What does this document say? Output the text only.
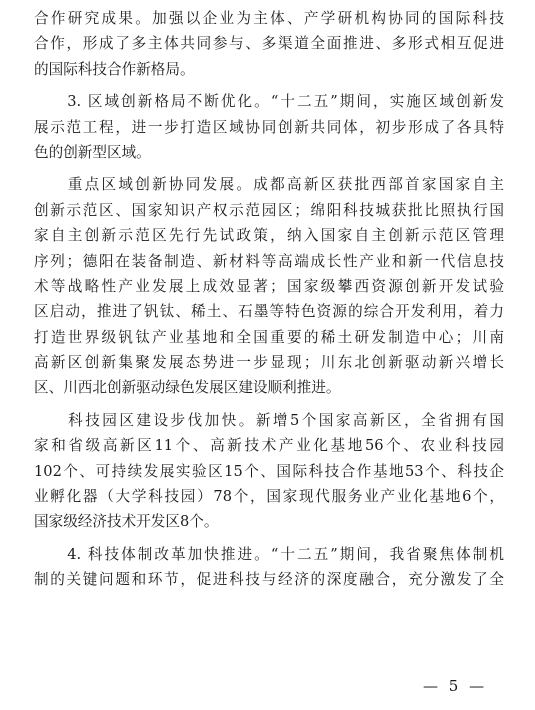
合作研究成果。加强以企业为主体、产学研机构协同的国际科技
合作，形成了多主体共同参与、多渠道全面推进、多形式相互促进
的国际科技合作新格局。
　　3. 区域创新格局不断优化。“十二五”期间，实施区域创新发
展示范工程，进一步打造区域协同创新共同体，初步形成了各具特
色的创新型区域。
　　重点区域创新协同发展。成都高新区获批西部首家国家自主
创新示范区、国家知识产权示范园区；绵阳科技城获批比照执行国
家自主创新示范区先行先试政策，纳入国家自主创新示范区管理
序列；德阳在装备制造、新材料等高端成长性产业和新一代信息技
术等战略性产业发展上成效显著；国家级攀西资源创新开发试验
区启动，推进了钒钛、稀土、石墨等特色资源的综合开发利用，着力
打造世界级钒钛产业基地和全国重要的稀土研发制造中心；川南
高新区创新集聚发展态势进一步显现；川东北创新驱动新兴增长
区、川西北创新驱动绿色发展区建设顺利推进。
　　科技园区建设步伐加快。新增5个国家高新区，全省拥有国
家和省级高新区11个、高新技术产业化基地56个、农业科技园
102个、可持续发展实验区15个、国际科技合作基地53个、科技企
业孵化器（大学科技园）78个，国家现代服务业产业化基地6个，
国家级经济技术开发区8个。
　　4. 科技体制改革加快推进。“十二五”期间，我省聚焦体制机
制的关键问题和环节，促进科技与经济的深度融合，充分激发了全
— 5 —
